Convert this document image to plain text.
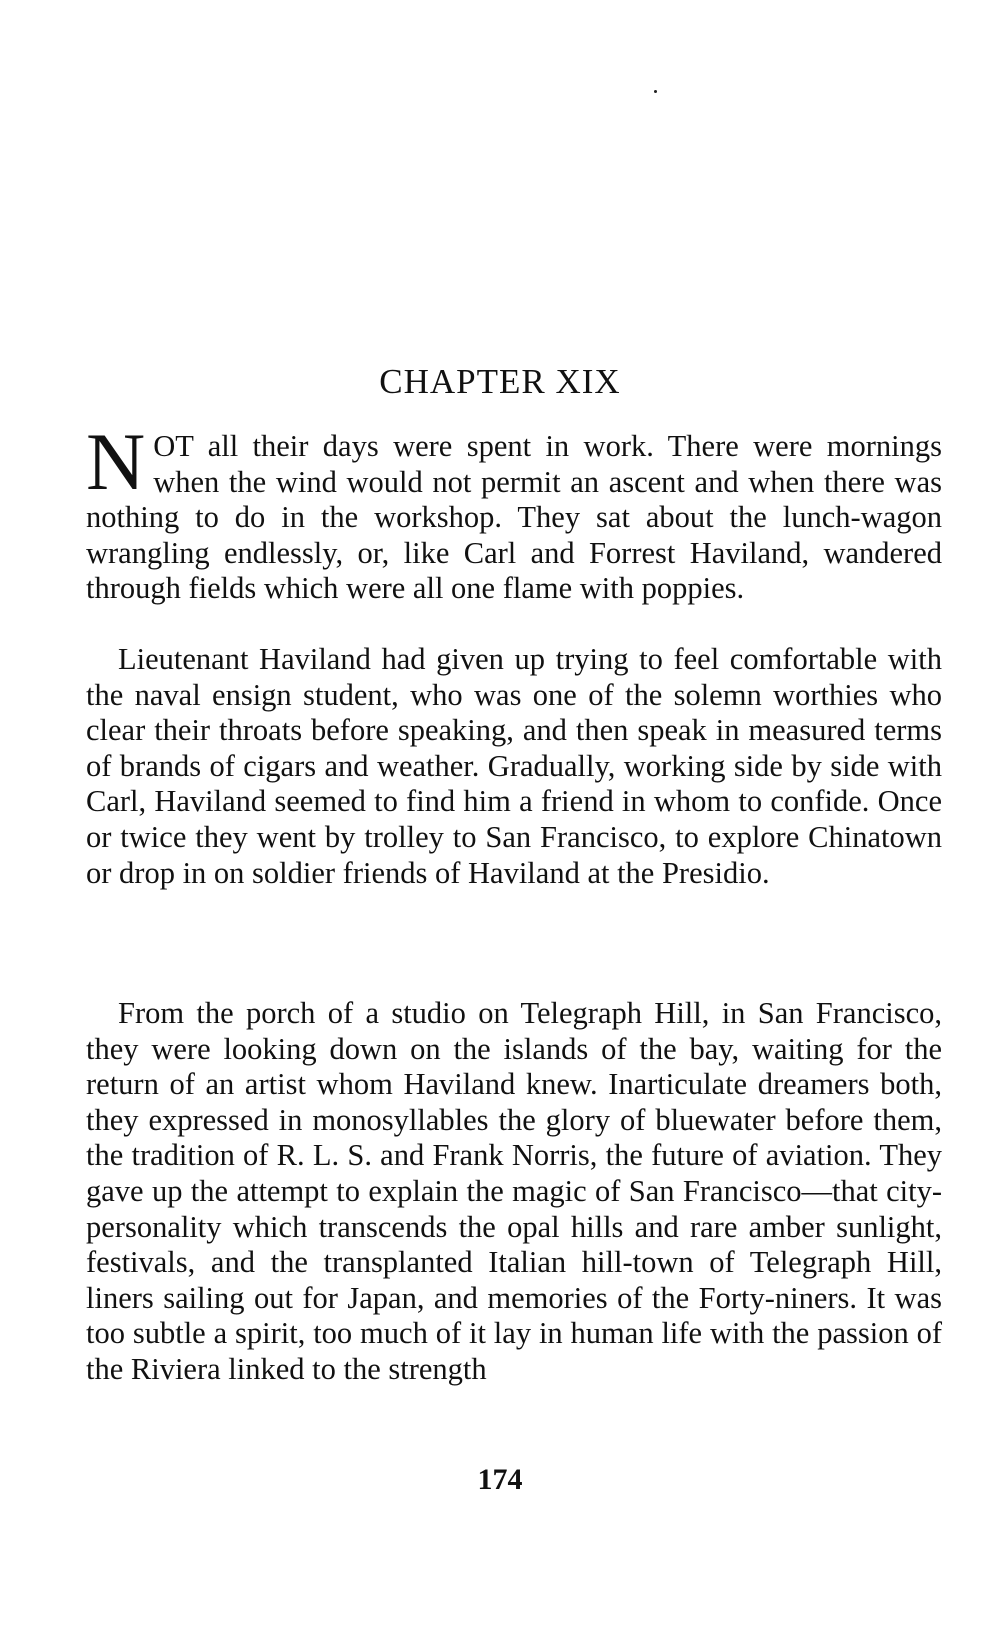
CHAPTER XIX

NOT all their days were spent in work. There were mornings when the wind would not permit an ascent and when there was nothing to do in the workshop. They sat about the lunch-wagon wrangling endlessly, or, like Carl and Forrest Haviland, wandered through fields which were all one flame with poppies.

Lieutenant Haviland had given up trying to feel comfortable with the naval ensign student, who was one of the solemn worthies who clear their throats before speaking, and then speak in measured terms of brands of cigars and weather. Gradually, working side by side with Carl, Haviland seemed to find him a friend in whom to confide. Once or twice they went by trolley to San Francisco, to explore Chinatown or drop in on soldier friends of Haviland at the Presidio.

From the porch of a studio on Telegraph Hill, in San Francisco, they were looking down on the islands of the bay, waiting for the return of an artist whom Haviland knew. Inarticulate dreamers both, they expressed in monosyllables the glory of bluewater before them, the tradition of R. L. S. and Frank Norris, the future of aviation. They gave up the attempt to explain the magic of San Francisco—that city-personality which transcends the opal hills and rare amber sunlight, festivals, and the transplanted Italian hill-town of Telegraph Hill, liners sailing out for Japan, and memories of the Forty-niners. It was too subtle a spirit, too much of it lay in human life with the passion of the Riviera linked to the strength

174
